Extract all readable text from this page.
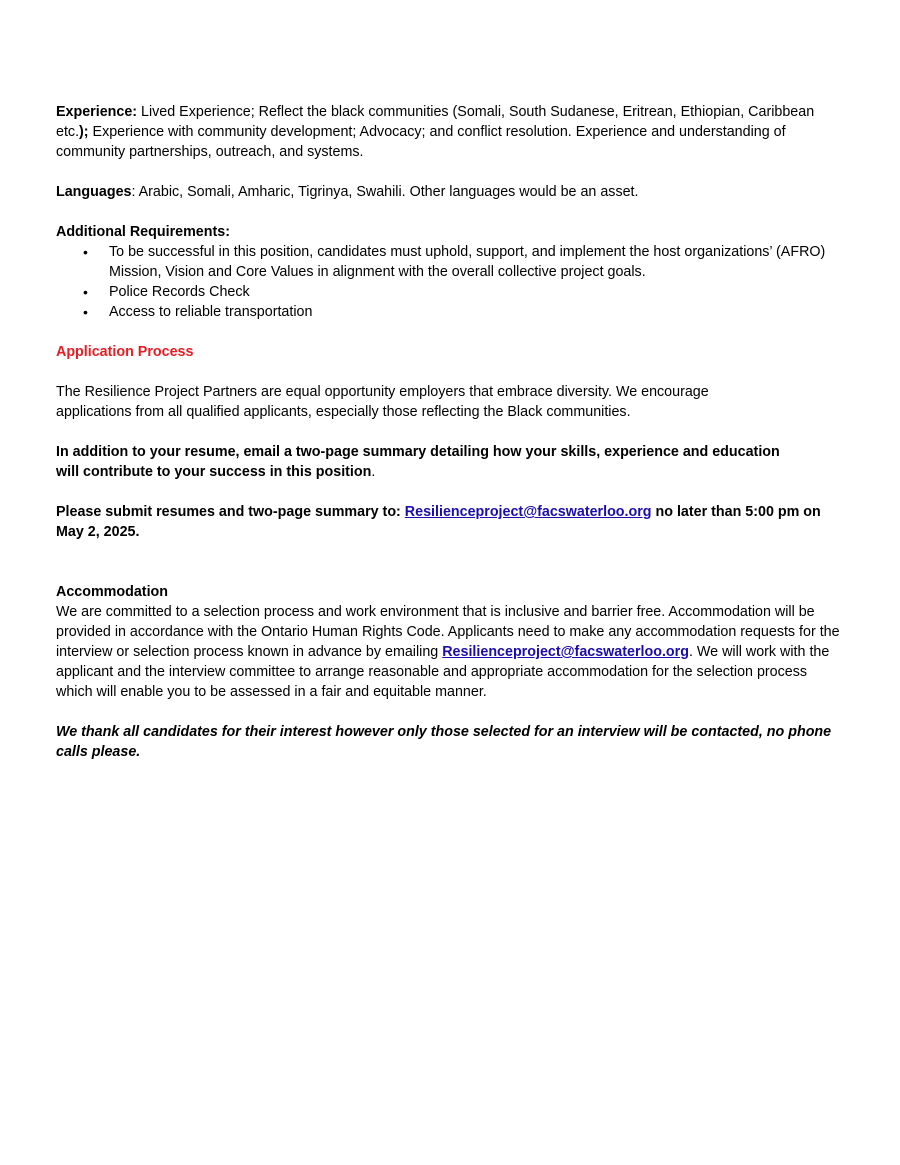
Experience: Lived Experience; Reflect the black communities (Somali, South Sudanese, Eritrean, Ethiopian, Caribbean etc.); Experience with community development; Advocacy; and conflict resolution. Experience and understanding of community partnerships, outreach, and systems.

Languages: Arabic, Somali, Amharic, Tigrinya, Swahili. Other languages would be an asset.

Additional Requirements:

• To be successful in this position, candidates must uphold, support, and implement the host organizations’ (AFRO) Mission, Vision and Core Values in alignment with the overall collective project goals.
• Police Records Check
• Access to reliable transportation

Application Process

The Resilience Project Partners are equal opportunity employers that embrace diversity. We encourage applications from all qualified applicants, especially those reflecting the Black communities.

In addition to your resume, email a two-page summary detailing how your skills, experience and education will contribute to your success in this position.

Please submit resumes and two-page summary to: Resilienceproject@facswaterloo.org no later than 5:00 pm on May 2, 2025.

Accommodation

We are committed to a selection process and work environment that is inclusive and barrier free. Accommodation will be provided in accordance with the Ontario Human Rights Code. Applicants need to make any accommodation requests for the interview or selection process known in advance by emailing Resilienceproject@facswaterloo.org. We will work with the applicant and the interview committee to arrange reasonable and appropriate accommodation for the selection process which will enable you to be assessed in a fair and equitable manner.

We thank all candidates for their interest however only those selected for an interview will be contacted, no phone calls please.
